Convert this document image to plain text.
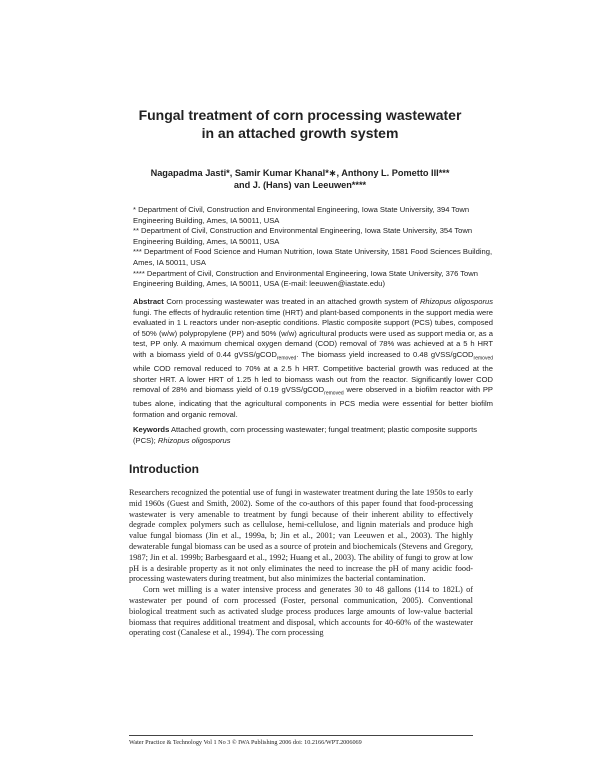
Fungal treatment of corn processing wastewater
in an attached growth system
Nagapadma Jasti*, Samir Kumar Khanal*∗, Anthony L. Pometto III***
and J. (Hans) van Leeuwen****

* Department of Civil, Construction and Environmental Engineering, Iowa State University, 394 Town Engineering Building, Ames, IA 50011, USA

** Department of Civil, Construction and Environmental Engineering, Iowa State University, 354 Town Engineering Building, Ames, IA 50011, USA

*** Department of Food Science and Human Nutrition, Iowa State University, 1581 Food Sciences Building, Ames, IA 50011, USA

**** Department of Civil, Construction and Environmental Engineering, Iowa State University, 376 Town Engineering Building, Ames, IA 50011, USA (E-mail: leeuwen@iastate.edu)

Abstract Corn processing wastewater was treated in an attached growth system of Rhizopus oligosporus fungi. The effects of hydraulic retention time (HRT) and plant-based components in the support media were evaluated in 1 L reactors under non-aseptic conditions. Plastic composite support (PCS) tubes, composed of 50% (w/w) polypropylene (PP) and 50% (w/w) agricultural products were used as support media or, as a test, PP only. A maximum chemical oxygen demand (COD) removal of 78% was achieved at a 5 h HRT with a biomass yield of 0.44 gVSS/gCOD$_{removed}$. The biomass yield increased to 0.48 gVSS/gCOD$_{removed}$ while COD removal reduced to 70% at a 2.5 h HRT. Competitive bacterial growth was reduced at the shorter HRT. A lower HRT of 1.25 h led to biomass wash out from the reactor. Significantly lower COD removal of 28% and biomass yield of 0.19 gVSS/gCOD$_{removed}$ were observed in a biofilm reactor with PP tubes alone, indicating that the agricultural components in PCS media were essential for better biofilm formation and organic removal.

Keywords Attached growth, corn processing wastewater; fungal treatment; plastic composite supports (PCS); Rhizopus oligosporus

Introduction

Researchers recognized the potential use of fungi in wastewater treatment during the late 1950s to early mid 1960s (Guest and Smith, 2002). Some of the co-authors of this paper found that food-processing wastewater is very amenable to treatment by fungi because of their inherent ability to effectively degrade complex polymers such as cellulose, hemi-cellulose, and lignin materials and produce high value fungal biomass (Jin et al., 1999a, b; Jin et al., 2001; van Leeuwen et al., 2003). The highly dewaterable fungal biomass can be used as a source of protein and biochemicals (Stevens and Gregory, 1987; Jin et al. 1999b; Barbesgaard et al., 1992; Huang et al., 2003). The ability of fungi to grow at low pH is a desirable property as it not only eliminates the need to increase the pH of many acidic food-processing wastewaters during treatment, but also minimizes the bacterial contamination.

Corn wet milling is a water intensive process and generates 30 to 48 gallons (114 to 182L) of wastewater per pound of corn processed (Foster, personal communication, 2005). Conventional biological treatment such as activated sludge process produces large amounts of low-value bacterial biomass that requires additional treatment and disposal, which accounts for 40-60% of the wastewater operating cost (Canalese et al., 1994). The corn processing

Water Practice & Technology Vol 1 No 3 © IWA Publishing 2006 doi: 10.2166/WPT.2006069
